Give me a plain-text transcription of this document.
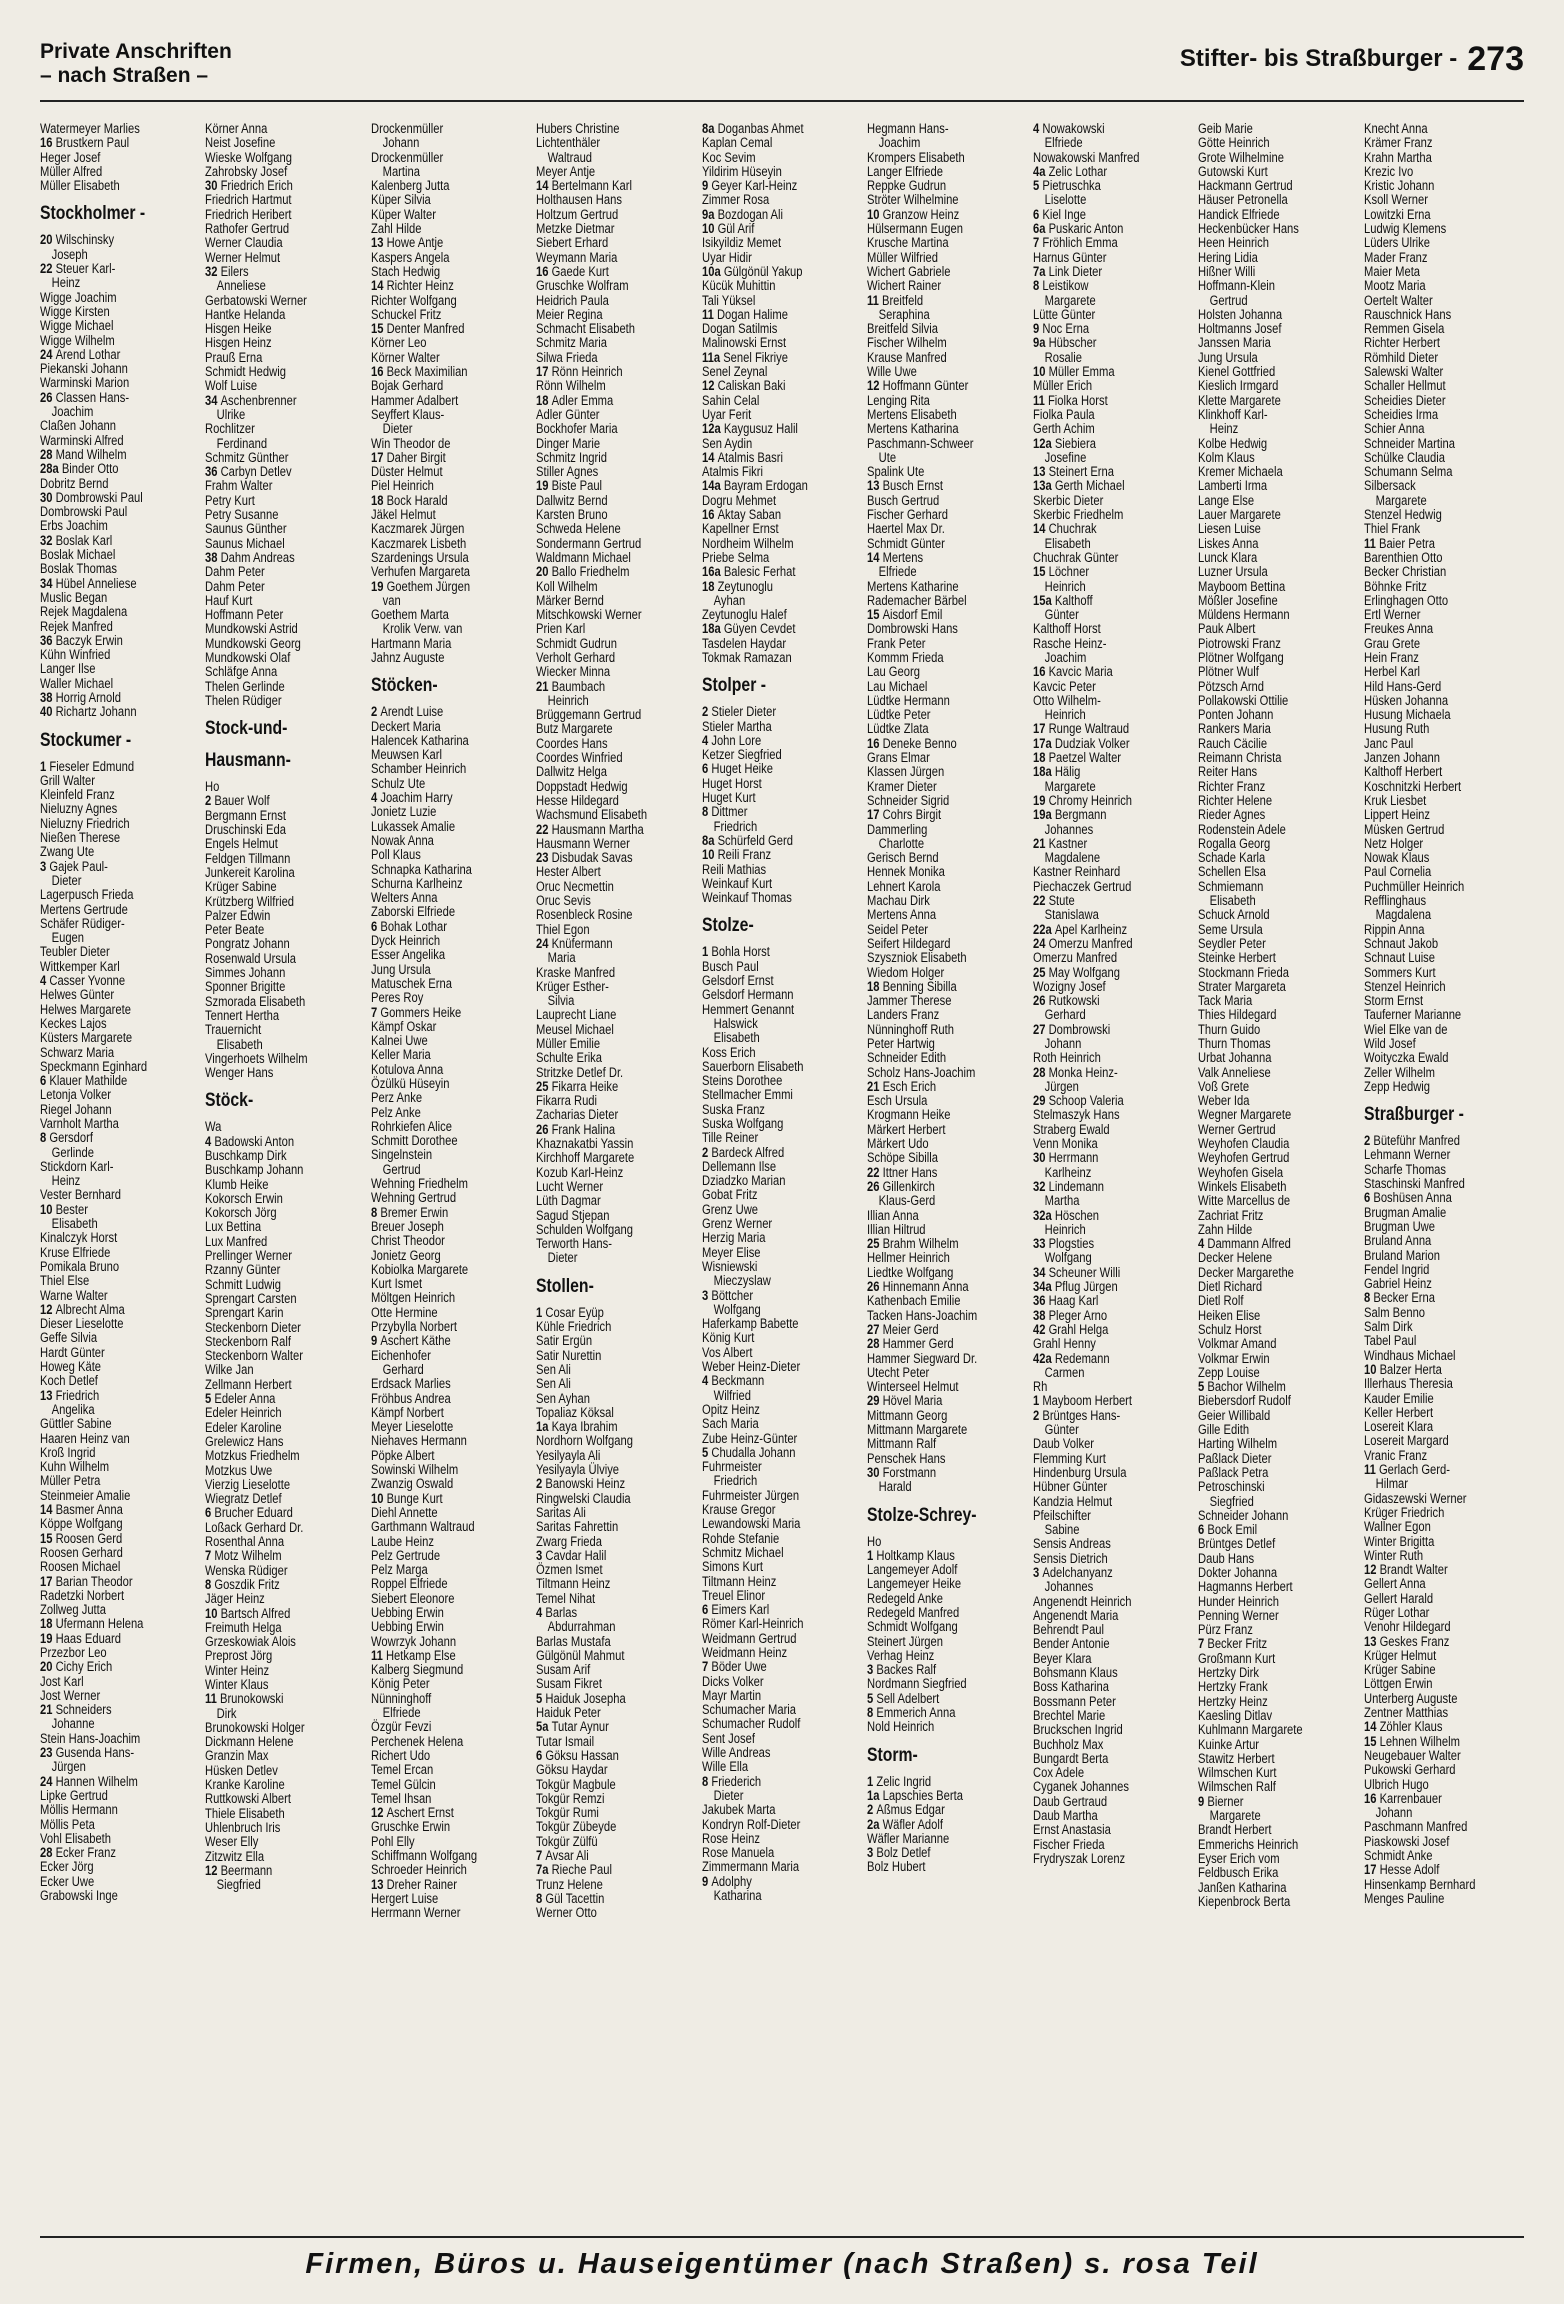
Private Anschriften
– nach Straßen –
Stifter- bis Straßburger - 273
Watermeyer Marlies
16 Brustkern Paul
Heger Josef
Müller Alfred
Müller Elisabeth
Stockholmer -
20 Wilschinsky
Joseph
22 Steuer Karl-
Heinz
Wigge Joachim
Wigge Kirsten
Wigge Michael
Wigge Wilhelm
24 Arend Lothar
Piekanski Johann
Warminski Marion
26 Classen Hans-
Joachim
Claßen Johann
Warminski Alfred
28 Mand Wilhelm
28a Binder Otto
Dobritz Bernd
30 Dombrowski Paul
Dombrowski Paul
Erbs Joachim
32 Boslak Karl
Boslak Michael
Boslak Thomas
34 Hübel Anneliese
Muslic Began
Rejek Magdalena
Rejek Manfred
36 Baczyk Erwin
Kühn Winfried
Langer Ilse
Waller Michael
38 Horrig Arnold
40 Richartz Johann
Stockumer -
1 Fieseler Edmund
Grill Walter
Kleinfeld Franz
Nieluzny Agnes
Nieluzny Friedrich
Nießen Therese
Zwang Ute
3 Gajek Paul-
Dieter
Lagerpusch Frieda
Mertens Gertrude
Schäfer Rüdiger-
Eugen
Teubler Dieter
Wittkemper Karl
4 Casser Yvonne
Helwes Günter
Helwes Margarete
Keckes Lajos
Küsters Margarete
Schwarz Maria
Speckmann Eginhard
6 Klauer Mathilde
Letonja Volker
Riegel Johann
Varnholt Martha
8 Gersdorf
Gerlinde
Stickdorn Karl-
Heinz
Vester Bernhard
10 Bester
Elisabeth
Kinalczyk Horst
Kruse Elfriede
Pomikala Bruno
Thiel Else
Warne Walter
12 Albrecht Alma
Dieser Lieselotte
Geffe Silvia
Hardt Günter
Howeg Käte
Koch Detlef
13 Friedrich
Angelika
Güttler Sabine
Haaren Heinz van
Kroß Ingrid
Kuhn Wilhelm
Müller Petra
Steinmeier Amalie
14 Basmer Anna
Köppe Wolfgang
15 Roosen Gerd
Roosen Gerhard
Roosen Michael
17 Barian Theodor
Radetzki Norbert
Zollweg Jutta
18 Ufermann Helena
19 Haas Eduard
Przezbor Leo
20 Cichy Erich
Jost Karl
Jost Werner
21 Schneiders
Johanne
Stein Hans-Joachim
23 Gusenda Hans-
Jürgen
24 Hannen Wilhelm
Lipke Gertrud
Möllis Hermann
Möllis Peta
Vohl Elisabeth
28 Ecker Franz
Ecker Jörg
Ecker Uwe
Grabowski Inge
Körner Anna
Neist Josefine
Wieske Wolfgang
Zahrobsky Josef
30 Friedrich Erich
Friedrich Hartmut
Friedrich Heribert
Rathofer Gertrud
Werner Claudia
Werner Helmut
32 Eilers
Anneliese
Gerbatowski Werner
Hantke Helanda
Hisgen Heike
Hisgen Heinz
Prauß Erna
Schmidt Hedwig
Wolf Luise
34 Aschenbrenner
Ulrike
Rochlitzer
Ferdinand
Schmitz Günther
36 Carbyn Detlev
Frahm Walter
Petry Kurt
Petry Susanne
Saunus Günther
Saunus Michael
38 Dahm Andreas
Dahm Peter
Dahm Peter
Hauf Kurt
Hoffmann Peter
Mundkowski Astrid
Mundkowski Georg
Mundkowski Olaf
Schläfge Anna
Thelen Gerlinde
Thelen Rüdiger
Stock-und-
Hausmann-
Ho
2 Bauer Wolf
Bergmann Ernst
Druschinski Eda
Engels Helmut
Feldgen Tillmann
Junkereit Karolina
Krüger Sabine
Krützberg Wilfried
Palzer Edwin
Peter Beate
Pongratz Johann
Rosenwald Ursula
Simmes Johann
Sponner Brigitte
Szmorada Elisabeth
Tennert Hertha
Trauernicht
Elisabeth
Vingerhoets Wilhelm
Wenger Hans
Stöck-
Wa
4 Badowski Anton
Buschkamp Dirk
Buschkamp Johann
Klumb Heike
Kokorsch Erwin
Kokorsch Jörg
Lux Bettina
Lux Manfred
Prellinger Werner
Rzanny Günter
Schmitt Ludwig
Sprengart Carsten
Sprengart Karin
Steckenborn Dieter
Steckenborn Ralf
Steckenborn Walter
Wilke Jan
Zellmann Herbert
5 Edeler Anna
Edeler Heinrich
Edeler Karoline
Grelewicz Hans
Motzkus Friedhelm
Motzkus Uwe
Vierzig Lieselotte
Wiegratz Detlef
6 Brucher Eduard
Loßack Gerhard Dr.
Rosenthal Anna
7 Motz Wilhelm
Wenska Rüdiger
8 Goszdik Fritz
Jäger Heinz
10 Bartsch Alfred
Freimuth Helga
Grzeskowiak Alois
Preprost Jörg
Winter Heinz
Winter Klaus
11 Brunokowski
Dirk
Brunokowski Holger
Dickmann Helene
Granzin Max
Hüsken Detlev
Kranke Karoline
Ruttkowski Albert
Thiele Elisabeth
Uhlenbruch Iris
Weser Elly
Zitzwitz Ella
12 Beermann
Siegfried
Drockenmüller
Johann
Drockenmüller
Martina
Kalenberg Jutta
Küper Silvia
Küper Walter
Zahl Hilde
13 Howe Antje
Kaspers Angela
Stach Hedwig
14 Richter Heinz
Richter Wolfgang
Schuckel Fritz
15 Denter Manfred
Körner Leo
Körner Walter
16 Beck Maximilian
Bojak Gerhard
Hammer Adalbert
Seyffert Klaus-
Dieter
Win Theodor de
17 Daher Birgit
Düster Helmut
Piel Heinrich
18 Bock Harald
Jäkel Helmut
Kaczmarek Jürgen
Kaczmarek Lisbeth
Szardenings Ursula
Verhufen Margareta
19 Goethem Jürgen
van
Goethem Marta
Krolik Verw. van
Hartmann Maria
Jahnz Auguste
Stöcken-
2 Arendt Luise
Deckert Maria
Halencek Katharina
Meuwsen Karl
Schamber Heinrich
Schulz Ute
4 Joachim Harry
Jonietz Luzie
Lukassek Amalie
Nowak Anna
Poll Klaus
Schnapka Katharina
Schurna Karlheinz
Welters Anna
Zaborski Elfriede
6 Bohak Lothar
Dyck Heinrich
Esser Angelika
Jung Ursula
Matuschek Erna
Peres Roy
7 Gommers Heike
Kämpf Oskar
Kalnei Uwe
Keller Maria
Kotulova Anna
Özülkü Hüseyin
Perz Anke
Pelz Anke
Rohrkiefen Alice
Schmitt Dorothee
Singelnstein
Gertrud
Wehning Friedhelm
Wehning Gertrud
8 Bremer Erwin
Breuer Joseph
Christ Theodor
Jonietz Georg
Kobiolka Margarete
Kurt Ismet
Möltgen Heinrich
Otte Hermine
Przybylla Norbert
9 Aschert Käthe
Eichenhofer
Gerhard
Erdsack Marlies
Fröhbus Andrea
Kämpf Norbert
Meyer Lieselotte
Niehaves Hermann
Pöpke Albert
Sowinski Wilhelm
Zwanzig Oswald
10 Bunge Kurt
Diehl Annette
Garthmann Waltraud
Laube Heinz
Pelz Gertrude
Pelz Marga
Roppel Elfriede
Siebert Eleonore
Uebbing Erwin
Uebbing Erwin
Wowrzyk Johann
11 Hetkamp Else
Kalberg Siegmund
König Peter
Nünninghoff
Elfriede
Özgür Fevzi
Perchenek Helena
Richert Udo
Temel Ercan
Temel Gülcin
Temel Ihsan
12 Aschert Ernst
Gruschke Erwin
Pohl Elly
Schiffmann Wolfgang
Schroeder Heinrich
13 Dreher Rainer
Hergert Luise
Herrmann Werner
Hubers Christine
Lichtenthäler
Waltraud
Meyer Antje
14 Bertelmann Karl
Holthausen Hans
Holtzum Gertrud
Metzke Dietmar
Siebert Erhard
Weymann Maria
16 Gaede Kurt
Gruschke Wolfram
Heidrich Paula
Meier Regina
Schmacht Elisabeth
Schmitz Maria
Silwa Frieda
17 Rönn Heinrich
Rönn Wilhelm
18 Adler Emma
Adler Günter
Bockhofer Maria
Dinger Marie
Schmitz Ingrid
Stiller Agnes
19 Biste Paul
Dallwitz Bernd
Karsten Bruno
Schweda Helene
Sondermann Gertrud
Waldmann Michael
20 Ballo Friedhelm
Koll Wilhelm
Märker Bernd
Mitschkowski Werner
Prien Karl
Schmidt Gudrun
Verholt Gerhard
Wiecker Minna
21 Baumbach
Heinrich
Brüggemann Gertrud
Butz Margarete
Coordes Hans
Coordes Winfried
Dallwitz Helga
Doppstadt Hedwig
Hesse Hildegard
Wachsmund Elisabeth
22 Hausmann Martha
Hausmann Werner
23 Disbudak Savas
Hester Albert
Oruc Necmettin
Oruc Sevis
Rosenbleck Rosine
Thiel Egon
24 Knüfermann
Maria
Kraske Manfred
Krüger Esther-
Silvia
Lauprecht Liane
Meusel Michael
Müller Emilie
Schulte Erika
Stritzke Detlef Dr.
25 Fikarra Heike
Fikarra Rudi
Zacharias Dieter
26 Frank Halina
Khaznakatbi Yassin
Kirchhoff Margarete
Kozub Karl-Heinz
Lucht Werner
Lüth Dagmar
Sagud Stjepan
Schulden Wolfgang
Terworth Hans-
Dieter
Stollen-
1 Cosar Eyüp
Kühle Friedrich
Satir Ergün
Satir Nurettin
Sen Ali
Sen Ali
Sen Ayhan
Topaliaz Köksal
1a Kaya Ibrahim
Nordhorn Wolfgang
Yesilyayla Ali
Yesilyayla Ülviye
2 Banowski Heinz
Ringwelski Claudia
Saritas Ali
Saritas Fahrettin
Zwarg Frieda
3 Cavdar Halil
Özmen Ismet
Tiltmann Heinz
Temel Nihat
4 Barlas
Abdurrahman
Barlas Mustafa
Gülgönül Mahmut
Susam Arif
Susam Fikret
5 Haiduk Josepha
Haiduk Peter
5a Tutar Aynur
Tutar Ismail
6 Göksu Hassan
Göksu Haydar
Tokgür Magbule
Tokgür Remzi
Tokgür Rumi
Tokgür Zübeyde
Tokgür Zülfü
7 Avsar Ali
7a Rieche Paul
Trunz Helene
8 Gül Tacettin
Werner Otto
8a Doganbas Ahmet
Kaplan Cemal
Koc Sevim
Yildirim Hüseyin
9 Geyer Karl-Heinz
Zimmer Rosa
9a Bozdogan Ali
10 Gül Arif
Isikyildiz Memet
Uyar Hidir
10a Gülgönül Yakup
Kücük Muhittin
Tali Yüksel
11 Dogan Halime
Dogan Satilmis
Malinowski Ernst
11a Senel Fikriye
Senel Zeynal
12 Caliskan Baki
Sahin Celal
Uyar Ferit
12a Kaygusuz Halil
Sen Aydin
14 Atalmis Basri
Atalmis Fikri
14a Bayram Erdogan
Dogru Mehmet
16 Aktay Saban
Kapellner Ernst
Nordheim Wilhelm
Priebe Selma
16a Balesic Ferhat
18 Zeytunoglu
Ayhan
Zeytunoglu Halef
18a Güyen Cevdet
Tasdelen Haydar
Tokmak Ramazan
Stolper -
2 Stieler Dieter
Stieler Martha
4 John Lore
Ketzer Siegfried
6 Huget Heike
Huget Horst
Huget Kurt
8 Dittmer
Friedrich
8a Schürfeld Gerd
10 Reili Franz
Reili Mathias
Weinkauf Kurt
Weinkauf Thomas
Stolze-
1 Bohla Horst
Busch Paul
Gelsdorf Ernst
Gelsdorf Hermann
Hemmert Genannt
Halswick
Elisabeth
Koss Erich
Sauerborn Elisabeth
Steins Dorothee
Stellmacher Emmi
Suska Franz
Suska Wolfgang
Tille Reiner
2 Bardeck Alfred
Dellemann Ilse
Dziadzko Marian
Gobat Fritz
Grenz Uwe
Grenz Werner
Herzig Maria
Meyer Elise
Wisniewski
Mieczyslaw
3 Böttcher
Wolfgang
Haferkamp Babette
König Kurt
Vos Albert
Weber Heinz-Dieter
4 Beckmann
Wilfried
Opitz Heinz
Sach Maria
Zube Heinz-Günter
5 Chudalla Johann
Fuhrmeister
Friedrich
Fuhrmeister Jürgen
Krause Gregor
Lewandowski Maria
Rohde Stefanie
Schmitz Michael
Simons Kurt
Tiltmann Heinz
Treuel Elinor
6 Eimers Karl
Römer Karl-Heinrich
Weidmann Gertrud
Weidmann Heinz
7 Böder Uwe
Dicks Volker
Mayr Martin
Schumacher Maria
Schumacher Rudolf
Sent Josef
Wille Andreas
Wille Ella
8 Friederich
Dieter
Jakubek Marta
Kondryn Rolf-Dieter
Rose Heinz
Rose Manuela
Zimmermann Maria
9 Adolphy
Katharina
Hegmann Hans-
Joachim
Krompers Elisabeth
Langer Elfriede
Reppke Gudrun
Ströter Wilhelmine
10 Granzow Heinz
Hülsermann Eugen
Krusche Martina
Müller Wilfried
Wichert Gabriele
Wichert Rainer
11 Breitfeld
Seraphina
Breitfeld Silvia
Fischer Wilhelm
Krause Manfred
Wille Uwe
12 Hoffmann Günter
Lenging Rita
Mertens Elisabeth
Mertens Katharina
Paschmann-Schweer
Ute
Spalink Ute
13 Busch Ernst
Busch Gertrud
Fischer Gerhard
Haertel Max Dr.
Schmidt Günter
14 Mertens
Elfriede
Mertens Katharine
Rademacher Bärbel
15 Aisdorf Emil
Dombrowski Hans
Frank Peter
Kommm Frieda
Lau Georg
Lau Michael
Lüdtke Hermann
Lüdtke Peter
Lüdtke Zlata
16 Deneke Benno
Grans Elmar
Klassen Jürgen
Kramer Dieter
Schneider Sigrid
17 Cohrs Birgit
Dammerling
Charlotte
Gerisch Bernd
Hennek Monika
Lehnert Karola
Machau Dirk
Mertens Anna
Seidel Peter
Seifert Hildegard
Szyszniok Elisabeth
Wiedom Holger
18 Benning Sibilla
Jammer Therese
Landers Franz
Nünninghoff Ruth
Peter Hartwig
Schneider Edith
Scholz Hans-Joachim
21 Esch Erich
Esch Ursula
Krogmann Heike
Märkert Herbert
Märkert Udo
Schöpe Sibilla
22 Ittner Hans
26 Gillenkirch
Klaus-Gerd
Illian Anna
Illian Hiltrud
25 Brahm Wilhelm
Hellmer Heinrich
Liedtke Wolfgang
26 Hinnemann Anna
Kathenbach Emilie
Tacken Hans-Joachim
27 Meier Gerd
28 Hammer Gerd
Hammer Siegward Dr.
Utecht Peter
Winterseel Helmut
29 Hövel Maria
Mittmann Georg
Mittmann Margarete
Mittmann Ralf
Penschek Hans
30 Forstmann
Harald
Stolze-Schrey-
Ho
1 Holtkamp Klaus
Langemeyer Adolf
Langemeyer Heike
Redegeld Anke
Redegeld Manfred
Schmidt Wolfgang
Steinert Jürgen
Verhag Heinz
3 Backes Ralf
Nordmann Siegfried
5 Sell Adelbert
8 Emmerich Anna
Nold Heinrich
Storm-
1 Zelic Ingrid
1a Lapschies Berta
2 Aßmus Edgar
2a Wäfler Adolf
Wäfler Marianne
3 Bolz Detlef
Bolz Hubert
4 Nowakowski
Elfriede
Nowakowski Manfred
4a Zelic Lothar
5 Pietruschka
Liselotte
6 Kiel Inge
6a Puskaric Anton
7 Fröhlich Emma
Harnus Günter
7a Link Dieter
8 Leistikow
Margarete
Lütte Günter
9 Noc Erna
9a Hübscher
Rosalie
10 Müller Emma
Müller Erich
11 Fiolka Horst
Fiolka Paula
Gerth Achim
12a Siebiera
Josefine
13 Steinert Erna
13a Gerth Michael
Skerbic Dieter
Skerbic Friedhelm
14 Chuchrak
Elisabeth
Chuchrak Günter
15 Löchner
Heinrich
15a Kalthoff
Günter
Kalthoff Horst
Rasche Heinz-
Joachim
16 Kavcic Maria
Kavcic Peter
Otto Wilhelm-
Heinrich
17 Runge Waltraud
17a Dudziak Volker
18 Paetzel Walter
18a Hälig
Margarete
19 Chromy Heinrich
19a Bergmann
Johannes
21 Kastner
Magdalene
Kastner Reinhard
Piechaczek Gertrud
22 Stute
Stanislawa
22a Apel Karlheinz
24 Omerzu Manfred
Omerzu Manfred
25 May Wolfgang
Wozigny Josef
26 Rutkowski
Gerhard
27 Dombrowski
Johann
Roth Heinrich
28 Monka Heinz-
Jürgen
29 Schoop Valeria
Stelmaszyk Hans
Straberg Ewald
Venn Monika
30 Herrmann
Karlheinz
32 Lindemann
Martha
32a Höschen
Heinrich
33 Plogsties
Wolfgang
34 Scheuner Willi
34a Pflug Jürgen
36 Haag Karl
38 Pleger Arno
42 Grahl Helga
Grahl Henny
42a Redemann
Carmen
Rh
1 Mayboom Herbert
2 Brüntges Hans-
Günter
Daub Volker
Flemming Kurt
Hindenburg Ursula
Hübner Günter
Kandzia Helmut
Pfeilschifter
Sabine
Sensis Andreas
Sensis Dietrich
3 Adelchanyanz
Johannes
Angenendt Heinrich
Angenendt Maria
Behrendt Paul
Bender Antonie
Beyer Klara
Bohsmann Klaus
Boss Katharina
Bossmann Peter
Brechtel Marie
Bruckschen Ingrid
Buchholz Max
Bungardt Berta
Cox Adele
Cyganek Johannes
Daub Gertraud
Daub Martha
Ernst Anastasia
Fischer Frieda
Frydryszak Lorenz
Geib Marie
Götte Heinrich
Grote Wilhelmine
Gutowski Kurt
Hackmann Gertrud
Häuser Petronella
Handick Elfriede
Heckenbücker Hans
Heen Heinrich
Hering Lidia
Hißner Willi
Hoffmann-Klein
Gertrud
Holsten Johanna
Holtmanns Josef
Janssen Maria
Jung Ursula
Kienel Gottfried
Kieslich Irmgard
Klette Margarete
Klinkhoff Karl-
Heinz
Kolbe Hedwig
Kolm Klaus
Kremer Michaela
Lamberti Irma
Lange Else
Lauer Margarete
Liesen Luise
Liskes Anna
Lunck Klara
Luzner Ursula
Mayboom Bettina
Mößler Josefine
Müldens Hermann
Pauk Albert
Piotrowski Franz
Plötner Wolfgang
Plötner Wulf
Pötzsch Arnd
Pollakowski Ottilie
Ponten Johann
Rankers Maria
Rauch Cäcilie
Reimann Christa
Reiter Hans
Richter Franz
Richter Helene
Rieder Agnes
Rodenstein Adele
Rogalla Georg
Schade Karla
Schellen Elsa
Schmiemann
Elisabeth
Schuck Arnold
Seme Ursula
Seydler Peter
Steinke Herbert
Stockmann Frieda
Strater Margareta
Tack Maria
Thies Hildegard
Thurn Guido
Thurn Thomas
Urbat Johanna
Valk Anneliese
Voß Grete
Weber Ida
Wegner Margarete
Werner Gertrud
Weyhofen Claudia
Weyhofen Gertrud
Weyhofen Gisela
Winkels Elisabeth
Witte Marcellus de
Zachriat Fritz
Zahn Hilde
4 Dammann Alfred
Decker Helene
Decker Margarethe
Dietl Richard
Dietl Rolf
Heiken Elise
Schulz Horst
Volkmar Amand
Volkmar Erwin
Zepp Louise
5 Bachor Wilhelm
Biebersdorf Rudolf
Geier Willibald
Gille Edith
Harting Wilhelm
Paßlack Dieter
Paßlack Petra
Petroschinski
Siegfried
Schneider Johann
6 Bock Emil
Brüntges Detlef
Daub Hans
Dokter Johanna
Hagmanns Herbert
Hunder Heinrich
Penning Werner
Pürz Franz
7 Becker Fritz
Großmann Kurt
Hertzky Dirk
Hertzky Frank
Hertzky Heinz
Kaesling Ditlav
Kuhlmann Margarete
Kuinke Artur
Stawitz Herbert
Wilmschen Kurt
Wilmschen Ralf
9 Bierner
Margarete
Brandt Herbert
Emmerichs Heinrich
Eyser Erich vom
Feldbusch Erika
Janßen Katharina
Kiepenbrock Berta
Knecht Anna
Krämer Franz
Krahn Martha
Krezic Ivo
Kristic Johann
Ksoll Werner
Lowitzki Erna
Ludwig Klemens
Lüders Ulrike
Mader Franz
Maier Meta
Mootz Maria
Oertelt Walter
Rauschnick Hans
Remmen Gisela
Richter Herbert
Römhild Dieter
Salewski Walter
Schaller Hellmut
Scheidies Dieter
Scheidies Irma
Schier Anna
Schneider Martina
Schülke Claudia
Schumann Selma
Silbersack
Margarete
Stenzel Hedwig
Thiel Frank
11 Baier Petra
Barenthien Otto
Becker Christian
Böhnke Fritz
Erlinghagen Otto
Ertl Werner
Freukes Anna
Grau Grete
Hein Franz
Herbel Karl
Hild Hans-Gerd
Hüsken Johanna
Husung Michaela
Husung Ruth
Janc Paul
Janzen Johann
Kalthoff Herbert
Koschnitzki Herbert
Kruk Liesbet
Lippert Heinz
Müsken Gertrud
Netz Holger
Nowak Klaus
Paul Cornelia
Puchmüller Heinrich
Refflinghaus
Magdalena
Rippin Anna
Schnaut Jakob
Schnaut Luise
Sommers Kurt
Stenzel Heinrich
Storm Ernst
Tauferner Marianne
Wiel Elke van de
Wild Josef
Woityczka Ewald
Zeller Wilhelm
Zepp Hedwig
Straßburger -
2 Büteführ Manfred
Lehmann Werner
Scharfe Thomas
Staschinski Manfred
6 Boshüsen Anna
Brugman Amalie
Brugman Uwe
Bruland Anna
Bruland Marion
Fendel Ingrid
Gabriel Heinz
8 Becker Erna
Salm Benno
Salm Dirk
Tabel Paul
Windhaus Michael
10 Balzer Herta
Illerhaus Theresia
Kauder Emilie
Keller Herbert
Losereit Klara
Losereit Margard
Vranic Franz
11 Gerlach Gerd-
Hilmar
Gidaszewski Werner
Krüger Friedrich
Wallner Egon
Winter Brigitta
Winter Ruth
12 Brandt Walter
Gellert Anna
Gellert Harald
Rüger Lothar
Venohr Hildegard
13 Geskes Franz
Krüger Helmut
Krüger Sabine
Löttgen Erwin
Unterberg Auguste
Zentner Matthias
14 Zöhler Klaus
15 Lehnen Wilhelm
Neugebauer Walter
Pukowski Gerhard
Ulbrich Hugo
16 Karrenbauer
Johann
Paschmann Manfred
Piaskowski Josef
Schmidt Anke
17 Hesse Adolf
Hinsenkamp Bernhard
Menges Pauline
Firmen, Büros u. Hauseigentümer (nach Straßen) s. rosa Teil
